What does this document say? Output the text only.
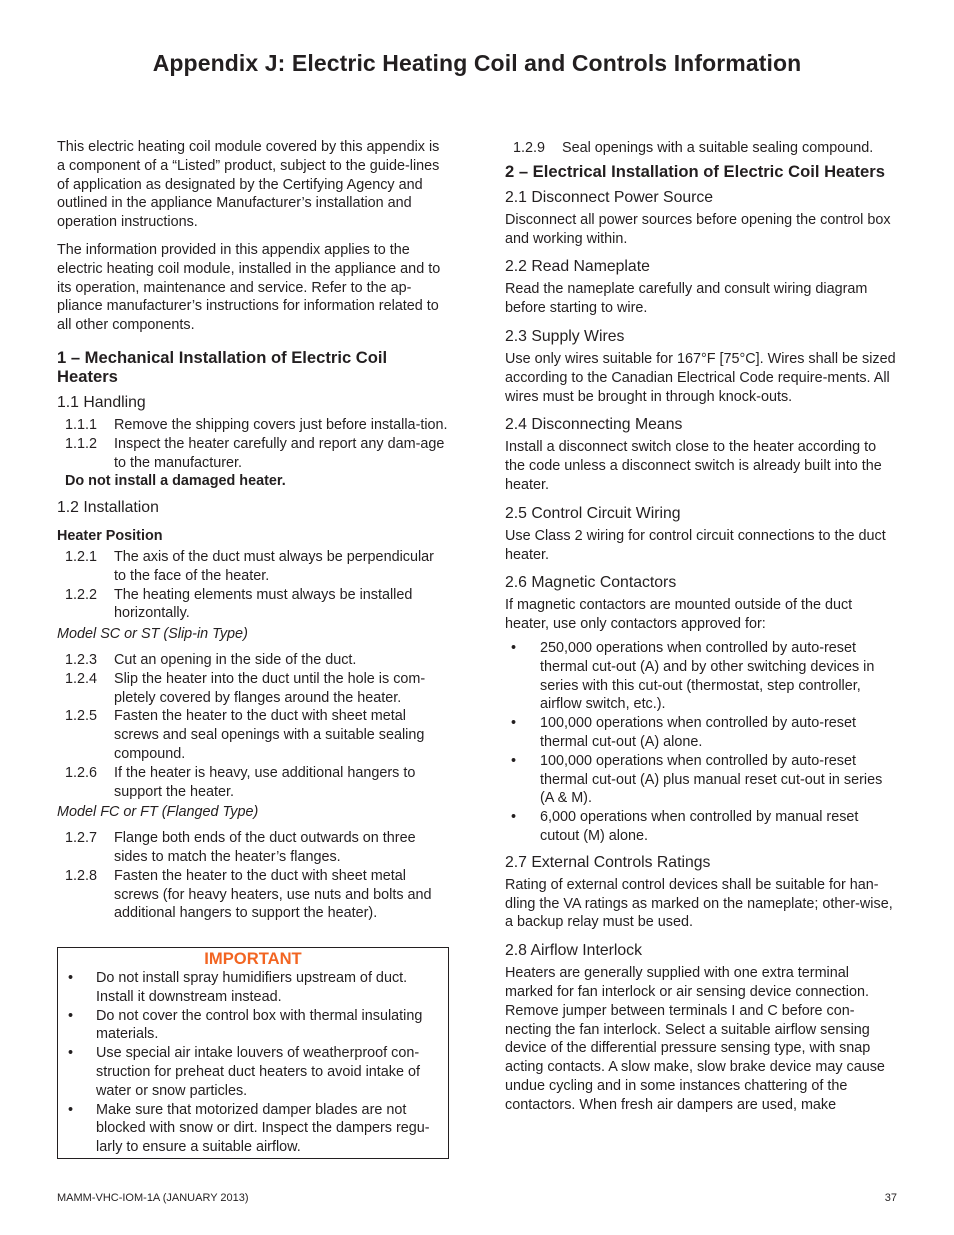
Appendix J: Electric Heating Coil and Controls Information

This electric heating coil module covered by this appendix is a component of a “Listed” product, subject to the guide-lines of application as designated by the Certifying Agency and outlined in the appliance Manufacturer’s installation and operation instructions.

The information provided in this appendix applies to the electric heating coil module, installed in the appliance and to its operation, maintenance and service. Refer to the ap-pliance manufacturer’s instructions for information related to all other components.

1 – Mechanical Installation of Electric Coil Heaters
1.1 Handling
1.1.1	Remove the shipping covers just before installa-tion.
1.1.2	Inspect the heater carefully and report any dam-age to the manufacturer.
Do not install a damaged heater.
1.2 Installation
Heater Position
1.2.1	The axis of the duct must always be perpendicular to the face of the heater.
1.2.2	The heating elements must always be installed horizontally.
Model SC or ST (Slip-in Type)
1.2.3	Cut an opening in the side of the duct.
1.2.4	Slip the heater into the duct until the hole is com-pletely covered by flanges around the heater.
1.2.5	Fasten the heater to the duct with sheet metal screws and seal openings with a suitable sealing compound.
1.2.6	If the heater is heavy, use additional hangers to support the heater.
Model FC or FT (Flanged Type)
1.2.7	Flange both ends of the duct outwards on three sides to match the heater’s flanges.
1.2.8	Fasten the heater to the duct with sheet metal screws (for heavy heaters, use nuts and bolts and additional hangers to support the heater).
IMPORTANT
•	Do not install spray humidifiers upstream of duct. Install it downstream instead.
•	Do not cover the control box with thermal insulating materials.
•	Use special air intake louvers of weatherproof con-struction for preheat duct heaters to avoid intake of water or snow particles.
•	Make sure that motorized damper blades are not blocked with snow or dirt. Inspect the dampers regu-larly to ensure a suitable airflow.
1.2.9	Seal openings with a suitable sealing compound.
2 – Electrical Installation of Electric Coil Heaters
2.1 Disconnect Power Source

Disconnect all power sources before opening the control box and working within.

2.2 Read Nameplate

Read the nameplate carefully and consult wiring diagram before starting to wire.

2.3 Supply Wires

Use only wires suitable for 167°F [75°C]. Wires shall be sized according to the Canadian Electrical Code require-ments. All wires must be brought in through knock-outs.

2.4 Disconnecting Means

Install a disconnect switch close to the heater according to the code unless a disconnect switch is already built into the heater.

2.5 Control Circuit Wiring

Use Class 2 wiring for control circuit connections to the duct heater.

2.6 Magnetic Contactors

If magnetic contactors are mounted outside of the duct heater, use only contactors approved for:

•	250,000 operations when controlled by auto-reset thermal cut-out (A) and by other switching devices in series with this cut-out (thermostat, step controller, airflow switch, etc.).
•	100,000 operations when controlled by auto-reset thermal cut-out (A) alone.
•	100,000 operations when controlled by auto-reset thermal cut-out (A) plus manual reset cut-out in series (A & M).
•	6,000 operations when controlled by manual reset cutout (M) alone.
2.7 External Controls Ratings

Rating of external control devices shall be suitable for han-dling the VA ratings as marked on the nameplate; other-wise, a backup relay must be used.

2.8 Airflow Interlock

Heaters are generally supplied with one extra terminal marked for fan interlock or air sensing device connection. Remove jumper between terminals I and C before con-necting the fan interlock. Select a suitable airflow sensing device of the differential pressure sensing type, with snap acting contacts. A slow make, slow brake device may cause undue cycling and in some instances chattering of the contactors. When fresh air dampers are used, make

MAMM-VHC-IOM-1A (JANUARY 2013)	37
